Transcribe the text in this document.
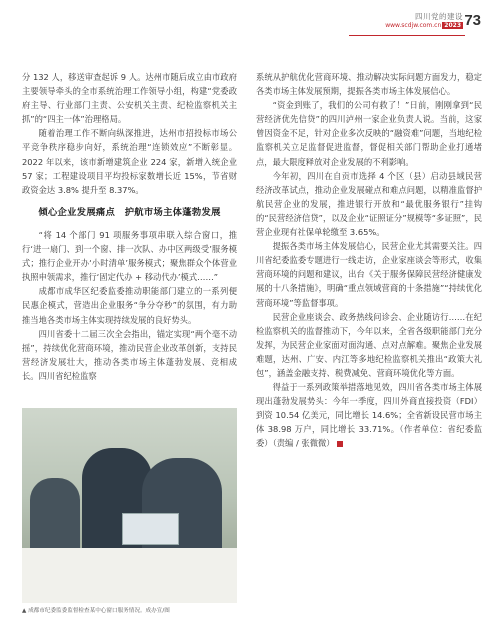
四川党的建设
www.scdjw.com.cn 2023 73

分 132 人，移送审查起诉 9 人。达州市随后成立由市政府主要领导牵头的全市系统治理工作领导小组，构建“党委政府主导、行业部门主责、公安机关主责、纪检监察机关主抓”的“四主一体”治理格局。

随着治理工作不断向纵深推进，达州市招投标市场公平竞争秩序稳步向好，系统治理“连锁效应”不断彰显。2022 年以来，该市新增建筑企业 224 家，新增入统企业 57 家；工程建设项目平均投标家数增长近 15%，节省财政资金达 3.8% 提升至 8.37%。

倾心企业发展痛点　护航市场主体蓬勃发展

“将 14 个部门 91 项服务事项串联入综合窗口，推行‘进一扇门、到一个窗、排一次队、办中区两级受’服务模式；推行企业开办‘小时清单’服务模式；聚焦群众个体营业执照申领需求，推行‘固定代办 + 移动代办’模式……”

成都市成华区纪委监委推动职能部门建立的一系列便民惠企模式，营造出企业服务“争分夺秒”的氛围，有力助推当地各类市场主体实现持续发展的良好势头。

四川省委十二届三次全会指出，锚定实现“两个毫不动摇”，持续优化营商环境，推动民营企业改革创新，支持民营经济发展壮大，推动各类市场主体蓬勃发展、竞相成长。四川省纪检监察

▲ 成都市纪委监委监督检查某中心窗口服务情况。成办宣/图

系统从护航优化营商环境、推动解决实际问题方面发力，稳定各类市场主体发展预期，提振各类市场主体发展信心。

“资金到账了，我们的公司有救了！”日前，刚刚拿到“民营经济优先信贷”的四川泸州一家企业负责人说。当前，这家曾因资金不足，针对企业多次反映的“融资难”问题，当地纪检监察机关立足监督促进监督，督促相关部门帮助企业打通堵点，最大限度释放对企业发展的不利影响。

今年初，四川在自贡市选择 4 个区（县）启动县域民营经济改革试点，推动企业发展碰点和难点问题，以精准监督护航民营企业的发展，推进银行开放和“最优服务银行”挂钩的“民营经济信贷”，以及企业“证照证分”规模等“多证照”，民营企业现有社保单轮缴至 3.65%。

提振各类市场主体发展信心，民营企业尤其需要关注。四川省纪委监委专题进行一线走访，企业家座谈会等形式，收集营商环境的问题和建议，出台《关于服务保障民营经济健康发展的十八条措施》，明确“重点领域营商的十条措施”“持续优化营商环境”等监督事项。

民营企业座谈会、政务热线问诊会、企业随访行……在纪检监察机关的监督推动下，今年以来，全省各级职能部门充分发挥，为民营企业家面对面沟通、点对点解难。聚焦企业发展难题，达州、广安、内江等多地纪检监察机关推出“政策大礼包”，涵盖金融支持、税费减免、营商环境优化等方面。

得益于一系列政策举措落地见效，四川省各类市场主体展现出蓬勃发展势头：今年一季度，四川外商直接投资（FDI）到资 10.54 亿美元，同比增长 14.6%；全省新设民营市场主体 38.98 万户，同比增长 33.71%。（作者单位：省纪委监委）（责编 / 张微微）
